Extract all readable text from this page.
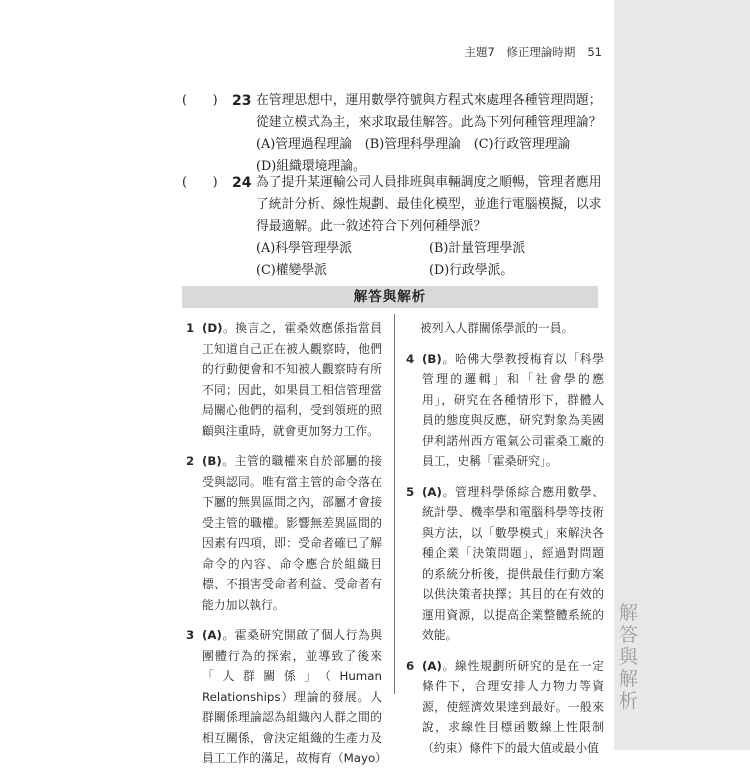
解答與解析
主題7　修正理論時期 51
(　　) 23 在管理思想中，運用數學符號與方程式來處理各種管理問題；從建立模式為主，來求取最佳解答。此為下列何種管理理論？
(A)管理過程理論　(B)管理科學理論　(C)行政管理理論　(D)組織環境理論。
(　　) 24 為了提升某運輸公司人員排班與車輛調度之順暢，管理者應用了統計分析、線性規劃、最佳化模型，並進行電腦模擬，以求得最適解。此一敘述符合下列何種學派？
(A)科學管理學派	(B)計量管理學派
(C)權變學派	(D)行政學派。
解答與解析
1 (D)。換言之，霍桑效應係指當員工知道自己正在被人觀察時，他們的行動便會和不知被人觀察時有所不同；因此，如果員工相信管理當局關心他們的福利，受到領班的照顧與注重時，就會更加努力工作。
2 (B)。主管的職權來自於部屬的接受與認同。唯有當主管的命令落在下屬的無異區間之內，部屬才會接受主管的職權。影響無差異區間的因素有四項，即：受命者確已了解命令的內容、命令應合於組織目標、不損害受命者利益、受命者有能力加以執行。
3 (A)。霍桑研究開啟了個人行為與團體行為的探索，並導致了後來「人群關係」（Human Relationships）理論的發展。人群關係理論認為組織內人群之間的相互關係，會決定組織的生產力及員工工作的滿足，故梅育（Mayo）
被列入人群關係學派的一員。
4 (B)。哈佛大學教授梅育以「科學管理的邏輯」和「社會學的應用」，研究在各種情形下，群體人員的態度與反應，研究對象為美國伊利諾州西方電氣公司霍桑工廠的員工，史稱「霍桑研究」。
5 (A)。管理科學係綜合應用數學、統計學、機率學和電腦科學等技術與方法，以「數學模式」來解決各種企業「決策問題」，經過對問題的系統分析後，提供最佳行動方案以供決策者抉擇；其目的在有效的運用資源，以提高企業整體系統的效能。
6 (A)。線性規劃所研究的是在一定條件下，合理安排人力物力等資源，使經濟效果達到最好。一般來說，求線性目標函數線上性限制（約束）條件下的最大值或最小值
